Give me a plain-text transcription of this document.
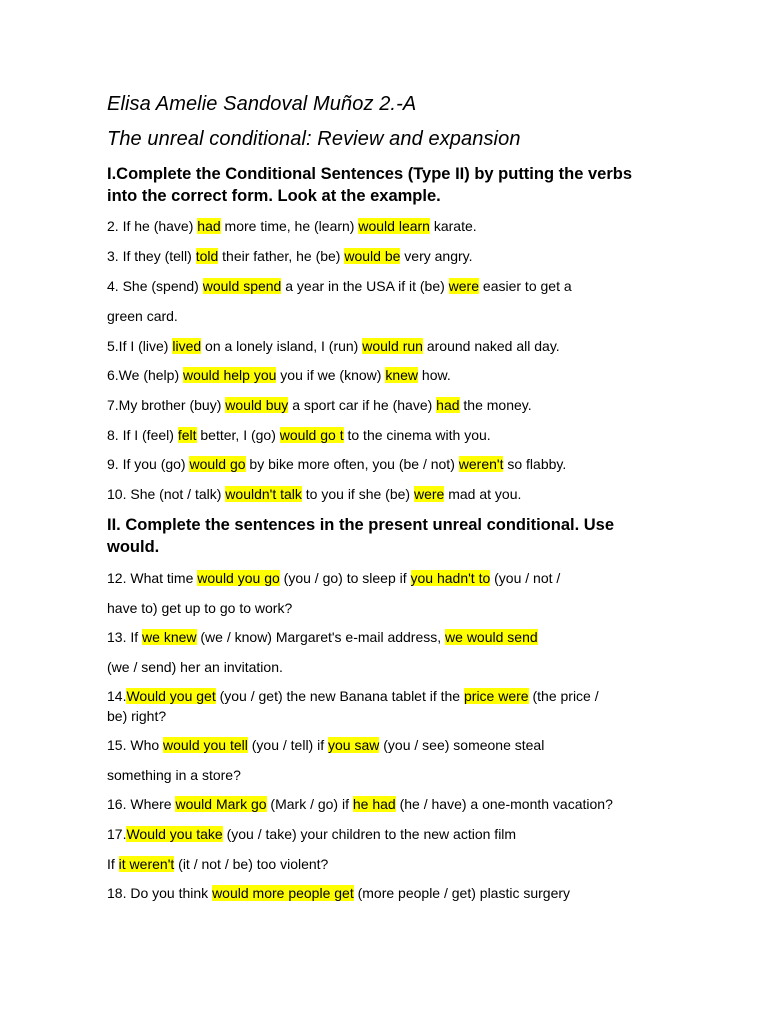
Elisa Amelie Sandoval Muñoz 2.-A
The unreal conditional: Review and expansion
I.Complete the Conditional Sentences (Type II) by putting the verbs into the correct form. Look at the example.
2. If he (have) had more time, he (learn) would learn karate.
3. If they (tell) told their father, he (be) would be very angry.
4. She (spend) would spend a year in the USA if it (be) were easier to get a
green card.
5.If I (live) lived on a lonely island, I (run) would run around naked all day.
6.We (help) would help you you if we (know) knew how.
7.My brother (buy) would buy a sport car if he (have) had the money.
8. If I (feel) felt better, I (go) would go t to the cinema with you.
9. If you (go) would go by bike more often, you (be / not) weren't so flabby.
10. She (not / talk) wouldn't talk to you if she (be) were mad at you.
II. Complete the sentences in the present unreal conditional. Use would.
12. What time would you go (you / go) to sleep if you hadn't to (you / not /
have to) get up to go to work?
13. If we knew (we / know) Margaret's e-mail address, we would send
(we / send) her an invitation.
14.Would you get (you / get) the new Banana tablet if the price were (the price /
be) right?
15. Who would you tell (you / tell) if you saw (you / see) someone steal
something in a store?
16. Where would Mark go (Mark / go) if he had (he / have) a one-month vacation?
17.Would you take (you / take) your children to the new action film
If it weren't (it / not / be) too violent?
18. Do you think would more people get (more people / get) plastic surgery
